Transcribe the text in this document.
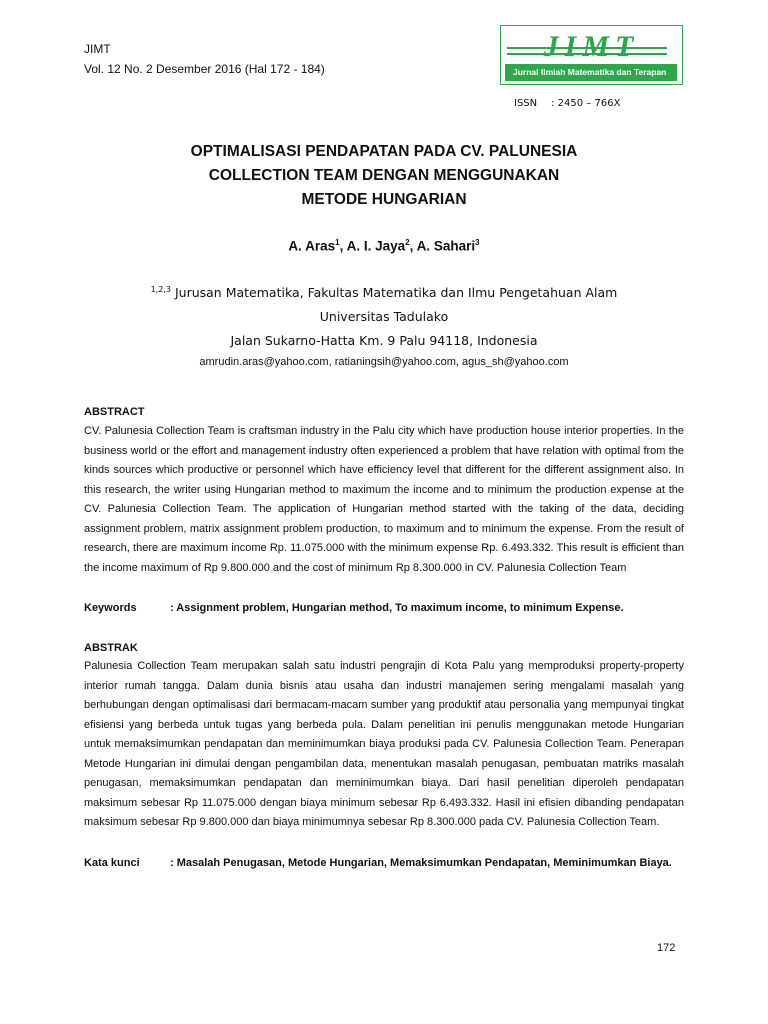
JIMT
Vol. 12 No. 2 Desember 2016 (Hal 172 - 184)
JIMT
Jurnal Ilmiah Matematika dan Terapan
ISSN : 2450 – 766X
OPTIMALISASI PENDAPATAN PADA CV. PALUNESIA
COLLECTION TEAM DENGAN MENGGUNAKAN
METODE HUNGARIAN
A. Aras$^1$, A. I. Jaya$^2$, A. Sahari$^3$
$^{1,2,3}$ Jurusan Matematika, Fakultas Matematika dan Ilmu Pengetahuan Alam
Universitas Tadulako
Jalan Sukarno-Hatta Km. 9 Palu 94118, Indonesia
amrudin.aras@yahoo.com, ratianingsih@yahoo.com, agus_sh@yahoo.com
ABSTRACT

CV. Palunesia Collection Team is craftsman industry in the Palu city which have production house interior properties. In the business world or the effort and management industry often experienced a problem that have relation with optimal from the kinds sources which productive or personnel which have efficiency level that different for the different assignment also. In this research, the writer using Hungarian method to maximum the income and to minimum the production expense at the CV. Palunesia Collection Team. The application of Hungarian method started with the taking of the data, deciding assignment problem, matrix assignment problem production, to maximum and to minimum the expense. From the result of research, there are maximum income Rp. 11.075.000 with the minimum expense Rp. 6.493.332. This result is efficient than the income maximum of Rp 9.800.000 and the cost of minimum Rp 8.300.000 in CV. Palunesia Collection Team

Keywords	: Assignment problem, Hungarian method, To maximum income, to minimum Expense.
ABSTRAK

Palunesia Collection Team merupakan salah satu industri pengrajin di Kota Palu yang memproduksi property-property interior rumah tangga. Dalam dunia bisnis atau usaha dan industri manajemen sering mengalami masalah yang berhubungan dengan optimalisasi dari bermacam-macam sumber yang produktif atau personalia yang mempunyai tingkat efisiensi yang berbeda untuk tugas yang berbeda pula. Dalam penelitian ini penulis menggunakan metode Hungarian untuk memaksimumkan pendapatan dan meminimumkan biaya produksi pada CV. Palunesia Collection Team. Penerapan Metode Hungarian ini dimulai dengan pengambilan data, menentukan masalah penugasan, pembuatan matriks masalah penugasan, memaksimumkan pendapatan dan meminimumkan biaya. Dari hasil penelitian diperoleh pendapatan maksimum sebesar Rp 11.075.000 dengan biaya minimum sebesar Rp 6.493.332. Hasil ini efisien dibanding pendapatan maksimum sebesar Rp 9.800.000 dan biaya minimumnya sebesar Rp 8.300.000 pada CV. Palunesia Collection Team.

Kata kunci	: Masalah Penugasan, Metode Hungarian, Memaksimumkan Pendapatan, Meminimumkan Biaya.
172
